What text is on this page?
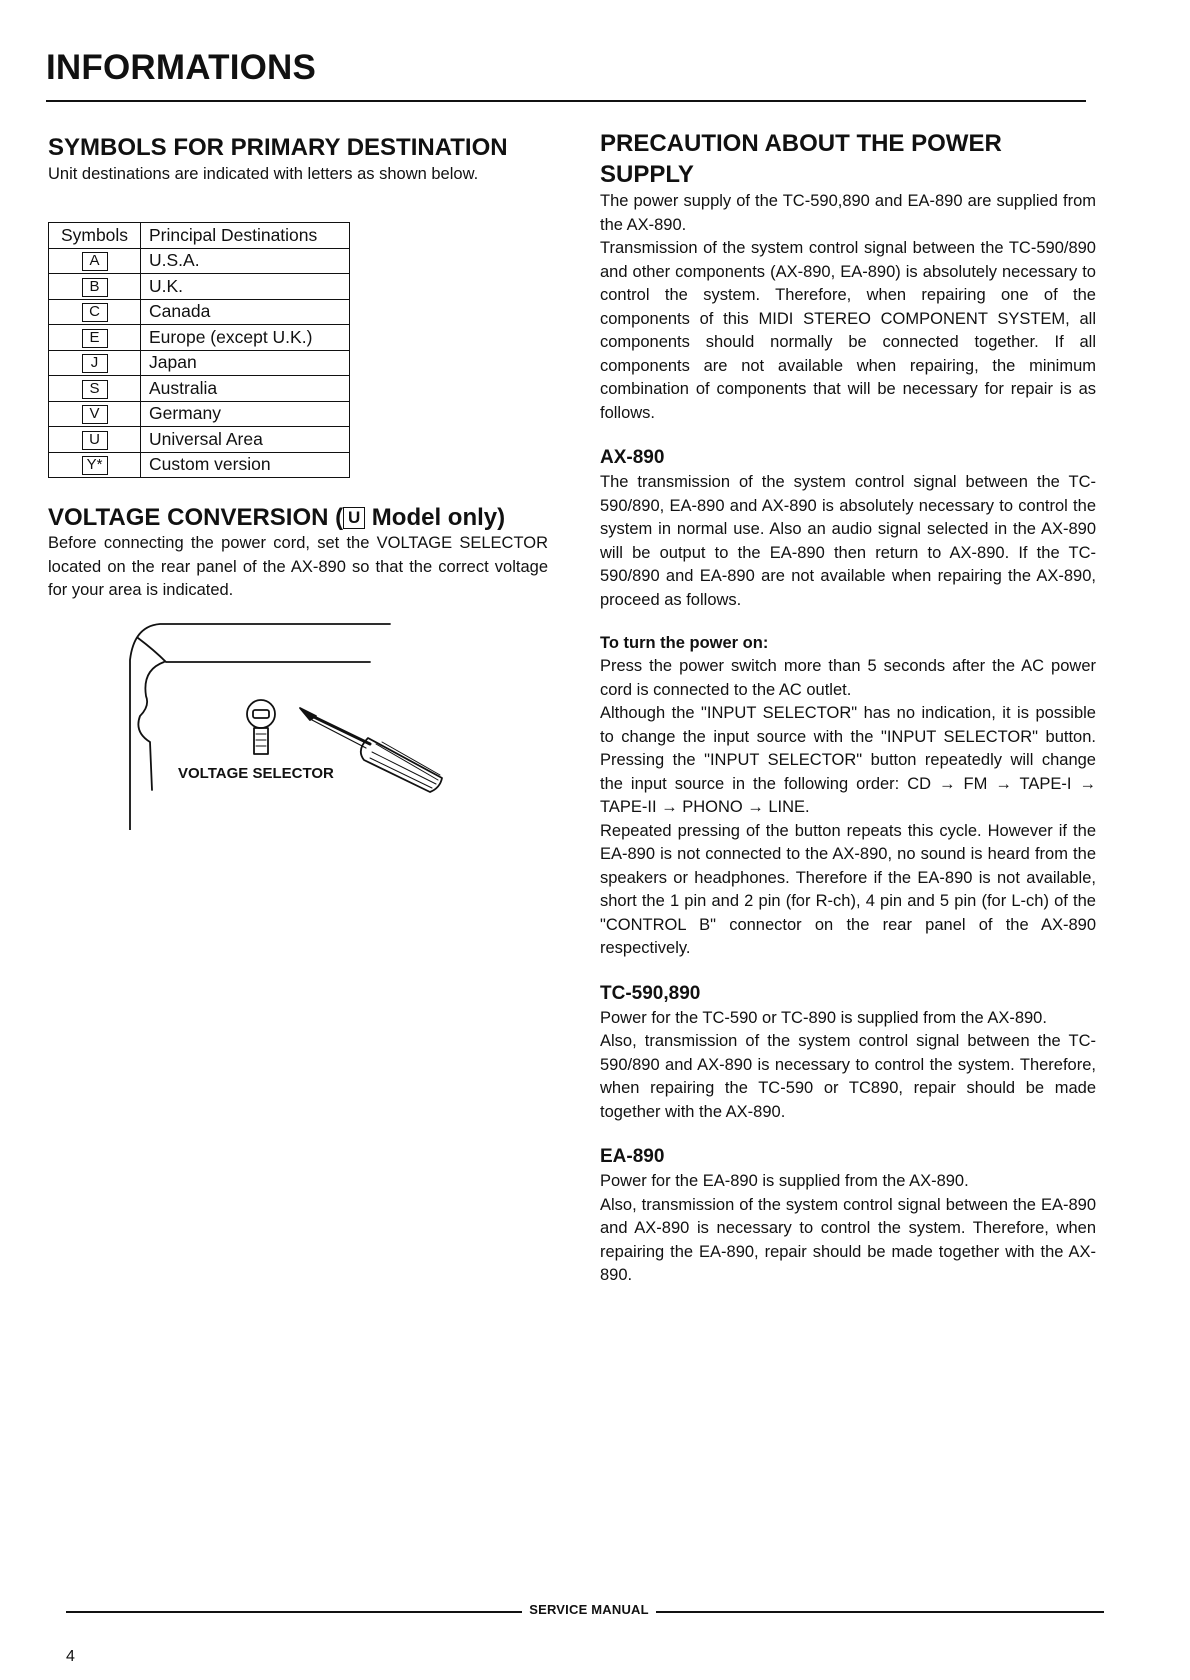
INFORMATIONS
SYMBOLS FOR PRIMARY DESTINATION

Unit destinations are indicated with letters as shown below.

Symbols	Principal Destinations
A	U.S.A.
B	U.K.
C	Canada
E	Europe (except U.K.)
J	Japan
S	Australia
V	Germany
U	Universal Area
Y*	Custom version
VOLTAGE CONVERSION ( U Model only)

Before connecting the power cord, set the VOLTAGE SELECTOR located on the rear panel of the AX-890 so that the correct voltage for your area is indicated.

VOLTAGE SELECTOR
PRECAUTION ABOUT THE POWER SUPPLY

The power supply of the TC-590,890 and EA-890 are supplied from the AX-890.

Transmission of the system control signal between the TC-590/890 and other components (AX-890, EA-890) is absolutely necessary to control the system. Therefore, when repairing one of the components of this MIDI STEREO COMPONENT SYSTEM, all components should normally be connected together. If all components are not available when repairing, the minimum combination of components that will be necessary for repair is as follows.

AX-890

The transmission of the system control signal between the TC-590/890, EA-890 and AX-890 is absolutely necessary to control the system in normal use. Also an audio signal selected in the AX-890 will be output to the EA-890 then return to AX-890. If the TC-590/890 and EA-890 are not available when repairing the AX-890, proceed as follows.

To turn the power on:

Press the power switch more than 5 seconds after the AC power cord is connected to the AC outlet.

Although the "INPUT SELECTOR" has no indication, it is possible to change the input source with the "INPUT SELECTOR" button. Pressing the "INPUT SELECTOR" button repeatedly will change the input source in the following order: CD → FM → TAPE-I → TAPE-II → PHONO → LINE.

Repeated pressing of the button repeats this cycle. However if the EA-890 is not connected to the AX-890, no sound is heard from the speakers or headphones. Therefore if the EA-890 is not available, short the 1 pin and 2 pin (for R-ch), 4 pin and 5 pin (for L-ch) of the "CONTROL B" connector on the rear panel of the AX-890 respectively.

TC-590,890

Power for the TC-590 or TC-890 is supplied from the AX-890.

Also, transmission of the system control signal between the TC-590/890 and AX-890 is necessary to control the system. Therefore, when repairing the TC-590 or TC890, repair should be made together with the AX-890.

EA-890

Power for the EA-890 is supplied from the AX-890.

Also, transmission of the system control signal between the EA-890 and AX-890 is necessary to control the system. Therefore, when repairing the EA-890, repair should be made together with the AX-890.

SERVICE MANUAL
4
